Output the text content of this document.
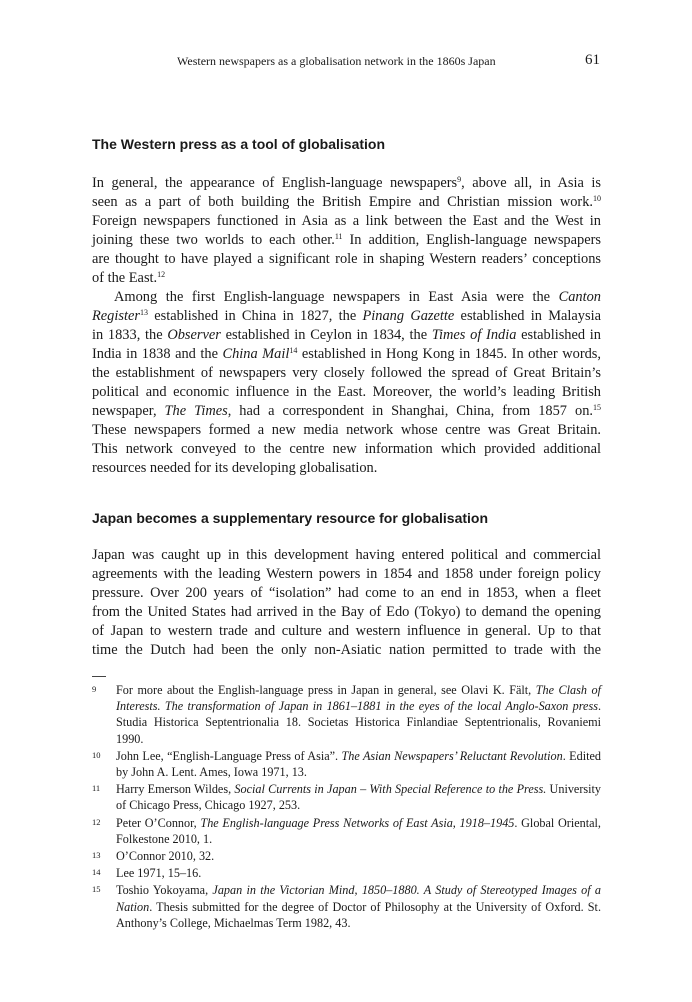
Western newspapers as a globalisation network in the 1860s Japan	61
The Western press as a tool of globalisation

In general, the appearance of English-language newspapers$^9$, above all, in Asia is
seen as a part of both building the British Empire and Christian mission work.$^{10}$
Foreign newspapers functioned in Asia as a link between the East and the West in
joining these two worlds to each other.$^{11}$ In addition, English-language newspapers
are thought to have played a significant role in shaping Western readers’ conceptions
of the East.$^{12}$

Among the first English-language newspapers in East Asia were the Canton
Register$^{13}$ established in China in 1827, the Pinang Gazette established in Malaysia
in 1833, the Observer established in Ceylon in 1834, the Times of India established in
India in 1838 and the China Mail$^{14}$ established in Hong Kong in 1845. In other words,
the establishment of newspapers very closely followed the spread of Great Britain’s
political and economic influence in the East. Moreover, the world’s leading British
newspaper, The Times, had a correspondent in Shanghai, China, from 1857 on.$^{15}$
These newspapers formed a new media network whose centre was Great Britain.
This network conveyed to the centre new information which provided additional
resources needed for its developing globalisation.

Japan becomes a supplementary resource for globalisation

Japan was caught up in this development having entered political and commercial
agreements with the leading Western powers in 1854 and 1858 under foreign policy
pressure. Over 200 years of “isolation” had come to an end in 1853, when a fleet
from the United States had arrived in the Bay of Edo (Tokyo) to demand the opening
of Japan to western trade and culture and western influence in general. Up to that
time the Dutch had been the only non-Asiatic nation permitted to trade with the

9 For more about the English-language press in Japan in general, see Olavi K. Fält, The Clash of Interests. The transformation of Japan in 1861–1881 in the eyes of the local Anglo-Saxon press. Studia Historica Septentrionalia 18. Societas Historica Finlandiae Septentrionalis, Rovaniemi 1990.
10 John Lee, “English-Language Press of Asia”. The Asian Newspapers’ Reluctant Revolution. Edited by John A. Lent. Ames, Iowa 1971, 13.
11 Harry Emerson Wildes, Social Currents in Japan – With Special Reference to the Press. University of Chicago Press, Chicago 1927, 253.
12 Peter O’Connor, The English-language Press Networks of East Asia, 1918–1945. Global Oriental, Folkestone 2010, 1.
13 O’Connor 2010, 32.
14 Lee 1971, 15–16.
15 Toshio Yokoyama, Japan in the Victorian Mind, 1850–1880. A Study of Stereotyped Images of a Nation. Thesis submitted for the degree of Doctor of Philosophy at the University of Oxford. St. Anthony’s College, Michaelmas Term 1982, 43.
